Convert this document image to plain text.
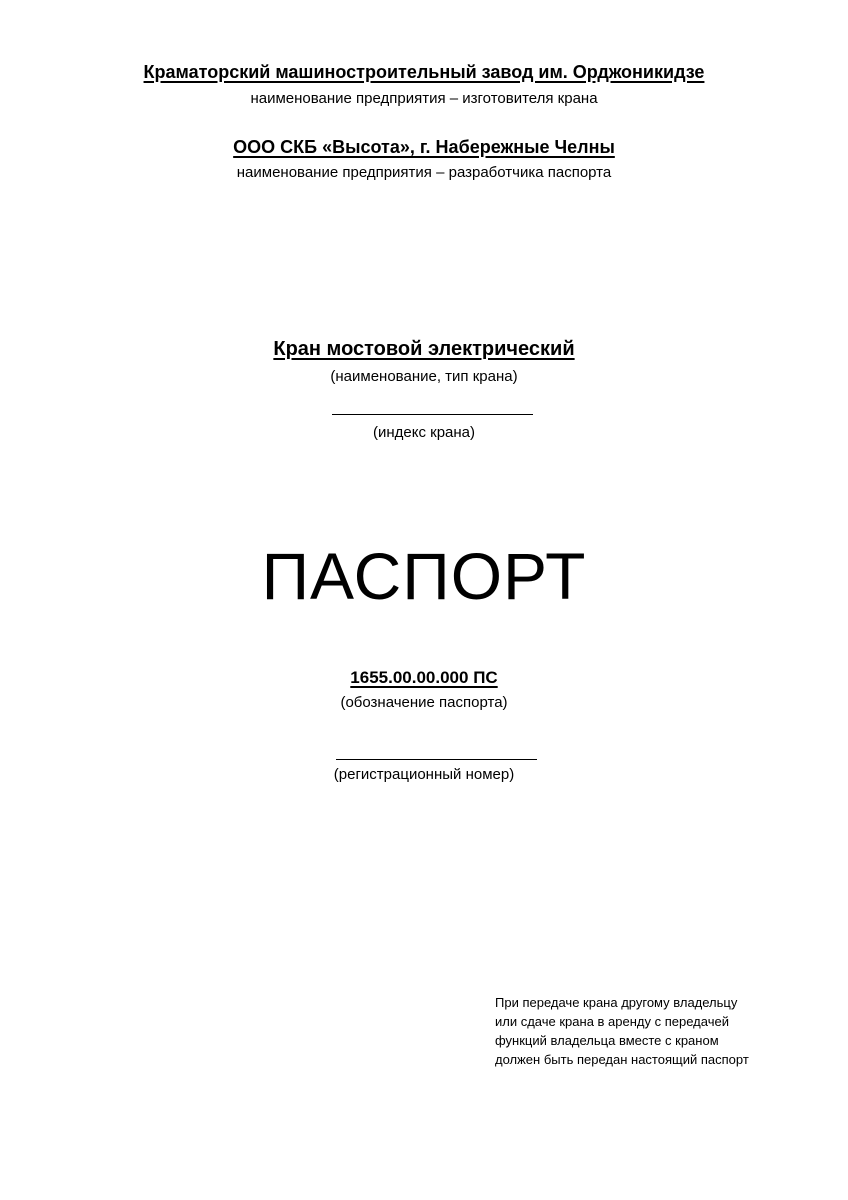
Краматорский машиностроительный завод им. Орджоникидзе
наименование предприятия – изготовителя крана
ООО СКБ «Высота», г. Набережные Челны
наименование предприятия – разработчика паспорта
Кран мостовой электрический
(наименование, тип крана)
(индекс крана)
ПАСПОРТ
1655.00.00.000 ПС
(обозначение паспорта)
(регистрационный номер)
При передаче крана другому владельцу
или сдаче крана в аренду с передачей
функций владельца вместе с краном
должен быть передан настоящий паспорт
